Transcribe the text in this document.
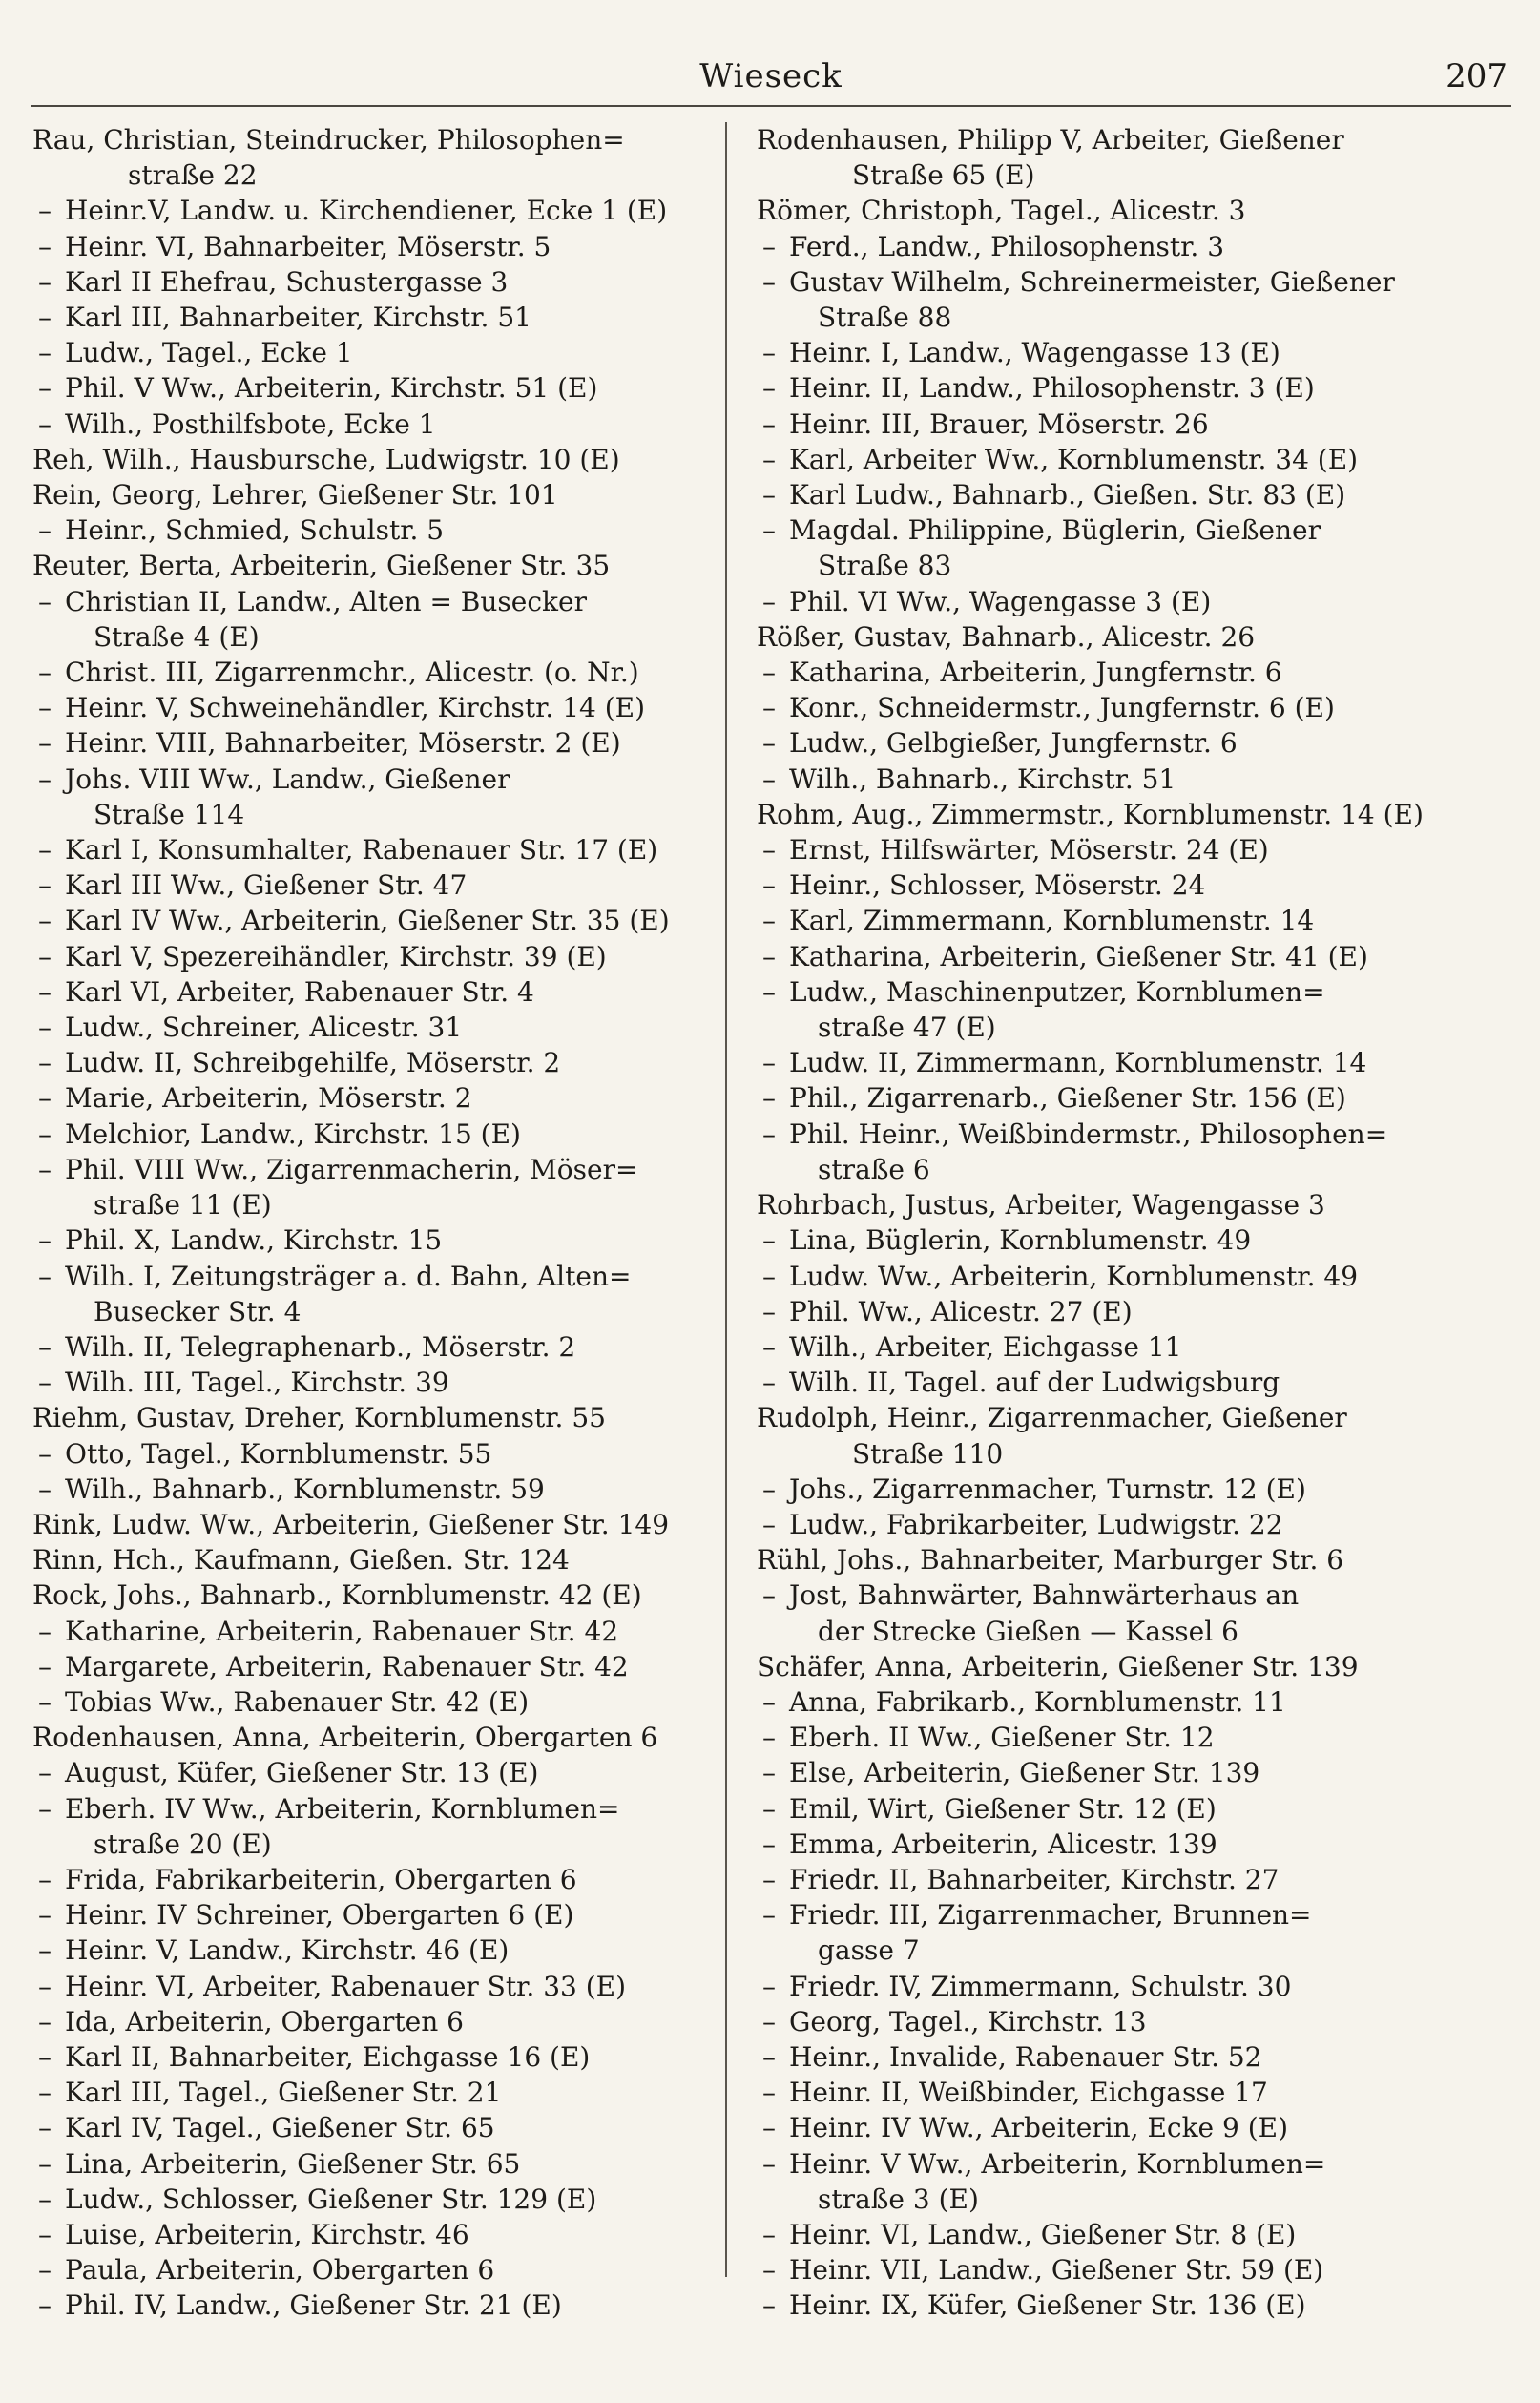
Wieseck	207
Rau, Christian, Steindrucker, Philosophen=
straße 22
– Heinr.V, Landw. u. Kirchendiener, Ecke 1 (E)
– Heinr. VI, Bahnarbeiter, Möserstr. 5
– Karl II Ehefrau, Schustergasse 3
– Karl III, Bahnarbeiter, Kirchstr. 51
– Ludw., Tagel., Ecke 1
– Phil. V Ww., Arbeiterin, Kirchstr. 51 (E)
– Wilh., Posthilfsbote, Ecke 1
Reh, Wilh., Hausbursche, Ludwigstr. 10 (E)
Rein, Georg, Lehrer, Gießener Str. 101
– Heinr., Schmied, Schulstr. 5
Reuter, Berta, Arbeiterin, Gießener Str. 35
– Christian II, Landw., Alten = Busecker
Straße 4 (E)
– Christ. III, Zigarrenmchr., Alicestr. (o. Nr.)
– Heinr. V, Schweinehändler, Kirchstr. 14 (E)
– Heinr. VIII, Bahnarbeiter, Möserstr. 2 (E)
– Johs. VIII Ww., Landw., Gießener
Straße 114
– Karl I, Konsumhalter, Rabenauer Str. 17 (E)
– Karl III Ww., Gießener Str. 47
– Karl IV Ww., Arbeiterin, Gießener Str. 35 (E)
– Karl V, Spezereihändler, Kirchstr. 39 (E)
– Karl VI, Arbeiter, Rabenauer Str. 4
– Ludw., Schreiner, Alicestr. 31
– Ludw. II, Schreibgehilfe, Möserstr. 2
– Marie, Arbeiterin, Möserstr. 2
– Melchior, Landw., Kirchstr. 15 (E)
– Phil. VIII Ww., Zigarrenmacherin, Möser=
straße 11 (E)
– Phil. X, Landw., Kirchstr. 15
– Wilh. I, Zeitungsträger a. d. Bahn, Alten=
Busecker Str. 4
– Wilh. II, Telegraphenarb., Möserstr. 2
– Wilh. III, Tagel., Kirchstr. 39
Riehm, Gustav, Dreher, Kornblumenstr. 55
– Otto, Tagel., Kornblumenstr. 55
– Wilh., Bahnarb., Kornblumenstr. 59
Rink, Ludw. Ww., Arbeiterin, Gießener Str. 149
Rinn, Hch., Kaufmann, Gießen. Str. 124
Rock, Johs., Bahnarb., Kornblumenstr. 42 (E)
– Katharine, Arbeiterin, Rabenauer Str. 42
– Margarete, Arbeiterin, Rabenauer Str. 42
– Tobias Ww., Rabenauer Str. 42 (E)
Rodenhausen, Anna, Arbeiterin, Obergarten 6
– August, Küfer, Gießener Str. 13 (E)
– Eberh. IV Ww., Arbeiterin, Kornblumen=
straße 20 (E)
– Frida, Fabrikarbeiterin, Obergarten 6
– Heinr. IV Schreiner, Obergarten 6 (E)
– Heinr. V, Landw., Kirchstr. 46 (E)
– Heinr. VI, Arbeiter, Rabenauer Str. 33 (E)
– Ida, Arbeiterin, Obergarten 6
– Karl II, Bahnarbeiter, Eichgasse 16 (E)
– Karl III, Tagel., Gießener Str. 21
– Karl IV, Tagel., Gießener Str. 65
– Lina, Arbeiterin, Gießener Str. 65
– Ludw., Schlosser, Gießener Str. 129 (E)
– Luise, Arbeiterin, Kirchstr. 46
– Paula, Arbeiterin, Obergarten 6
– Phil. IV, Landw., Gießener Str. 21 (E)
Rodenhausen, Philipp V, Arbeiter, Gießener
Straße 65 (E)
Römer, Christoph, Tagel., Alicestr. 3
– Ferd., Landw., Philosophenstr. 3
– Gustav Wilhelm, Schreinermeister, Gießener
Straße 88
– Heinr. I, Landw., Wagengasse 13 (E)
– Heinr. II, Landw., Philosophenstr. 3 (E)
– Heinr. III, Brauer, Möserstr. 26
– Karl, Arbeiter Ww., Kornblumenstr. 34 (E)
– Karl Ludw., Bahnarb., Gießen. Str. 83 (E)
– Magdal. Philippine, Büglerin, Gießener
Straße 83
– Phil. VI Ww., Wagengasse 3 (E)
Rößer, Gustav, Bahnarb., Alicestr. 26
– Katharina, Arbeiterin, Jungfernstr. 6
– Konr., Schneidermstr., Jungfernstr. 6 (E)
– Ludw., Gelbgießer, Jungfernstr. 6
– Wilh., Bahnarb., Kirchstr. 51
Rohm, Aug., Zimmermstr., Kornblumenstr. 14 (E)
– Ernst, Hilfswärter, Möserstr. 24 (E)
– Heinr., Schlosser, Möserstr. 24
– Karl, Zimmermann, Kornblumenstr. 14
– Katharina, Arbeiterin, Gießener Str. 41 (E)
– Ludw., Maschinenputzer, Kornblumen=
straße 47 (E)
– Ludw. II, Zimmermann, Kornblumenstr. 14
– Phil., Zigarrenarb., Gießener Str. 156 (E)
– Phil. Heinr., Weißbindermstr., Philosophen=
straße 6
Rohrbach, Justus, Arbeiter, Wagengasse 3
– Lina, Büglerin, Kornblumenstr. 49
– Ludw. Ww., Arbeiterin, Kornblumenstr. 49
– Phil. Ww., Alicestr. 27 (E)
– Wilh., Arbeiter, Eichgasse 11
– Wilh. II, Tagel. auf der Ludwigsburg
Rudolph, Heinr., Zigarrenmacher, Gießener
Straße 110
– Johs., Zigarrenmacher, Turnstr. 12 (E)
– Ludw., Fabrikarbeiter, Ludwigstr. 22
Rühl, Johs., Bahnarbeiter, Marburger Str. 6
– Jost, Bahnwärter, Bahnwärterhaus an
der Strecke Gießen — Kassel 6
Schäfer, Anna, Arbeiterin, Gießener Str. 139
– Anna, Fabrikarb., Kornblumenstr. 11
– Eberh. II Ww., Gießener Str. 12
– Else, Arbeiterin, Gießener Str. 139
– Emil, Wirt, Gießener Str. 12 (E)
– Emma, Arbeiterin, Alicestr. 139
– Friedr. II, Bahnarbeiter, Kirchstr. 27
– Friedr. III, Zigarrenmacher, Brunnen=
gasse 7
– Friedr. IV, Zimmermann, Schulstr. 30
– Georg, Tagel., Kirchstr. 13
– Heinr., Invalide, Rabenauer Str. 52
– Heinr. II, Weißbinder, Eichgasse 17
– Heinr. IV Ww., Arbeiterin, Ecke 9 (E)
– Heinr. V Ww., Arbeiterin, Kornblumen=
straße 3 (E)
– Heinr. VI, Landw., Gießener Str. 8 (E)
– Heinr. VII, Landw., Gießener Str. 59 (E)
– Heinr. IX, Küfer, Gießener Str. 136 (E)
